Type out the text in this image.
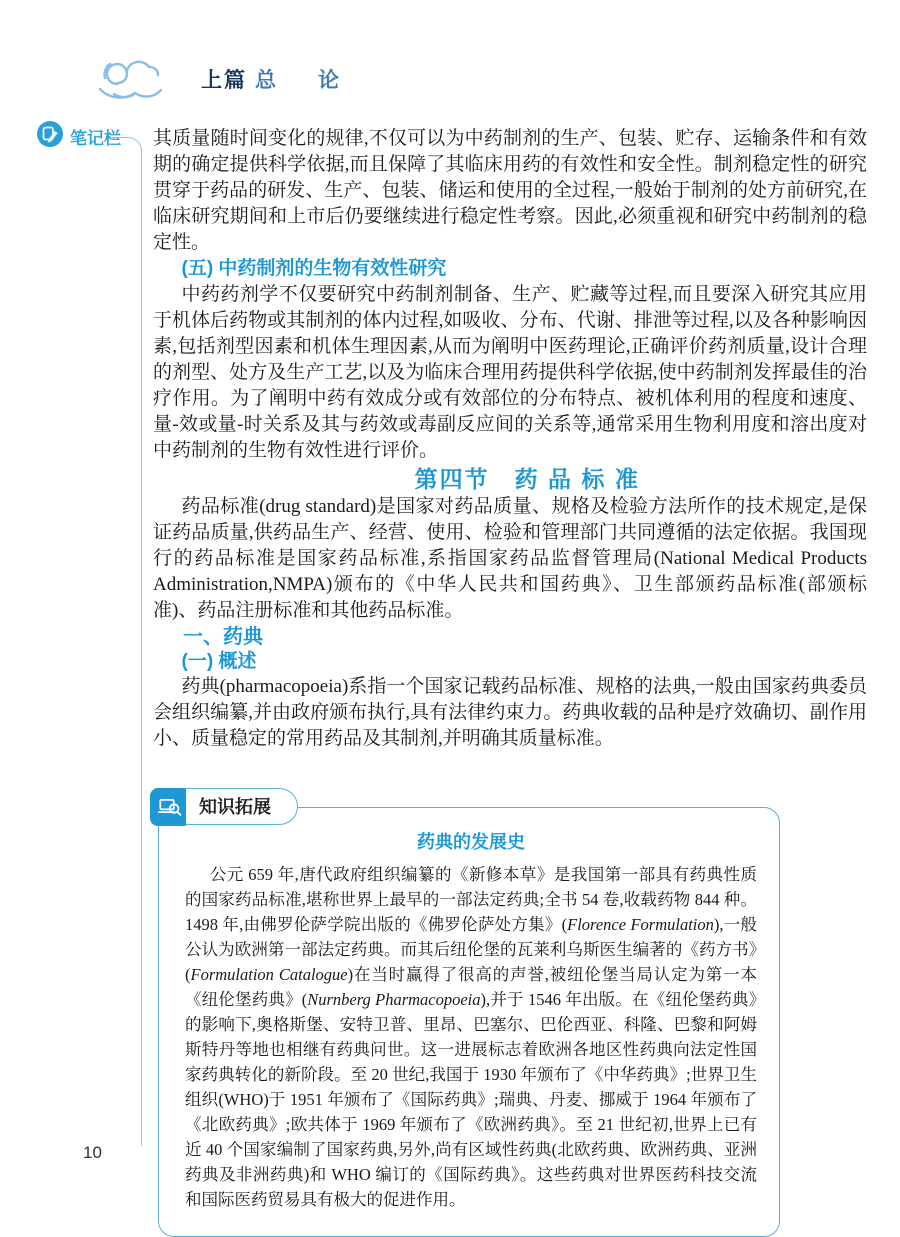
上篇 总　　论
笔记栏 其质量随时间变化的规律,不仅可以为中药制剂的生产、包装、贮存、运输条件和有效期的确定提供科学依据,而且保障了其临床用药的有效性和安全性。制剂稳定性的研究贯穿于药品的研发、生产、包装、储运和使用的全过程,一般始于制剂的处方前研究,在临床研究期间和上市后仍要继续进行稳定性考察。因此,必须重视和研究中药制剂的稳定性。

(五) 中药制剂的生物有效性研究

中药药剂学不仅要研究中药制剂制备、生产、贮藏等过程,而且要深入研究其应用于机体后药物或其制剂的体内过程,如吸收、分布、代谢、排泄等过程,以及各种影响因素,包括剂型因素和机体生理因素,从而为阐明中医药理论,正确评价药剂质量,设计合理的剂型、处方及生产工艺,以及为临床合理用药提供科学依据,使中药制剂发挥最佳的治疗作用。为了阐明中药有效成分或有效部位的分布特点、被机体利用的程度和速度、量-效或量-时关系及其与药效或毒副反应间的关系等,通常采用生物利用度和溶出度对中药制剂的生物有效性进行评价。

第四节　药 品 标 准

药品标准(drug standard)是国家对药品质量、规格及检验方法所作的技术规定,是保证药品质量,供药品生产、经营、使用、检验和管理部门共同遵循的法定依据。我国现行的药品标准是国家药品标准,系指国家药品监督管理局(National Medical Products Administration,NMPA)颁布的《中华人民共和国药典》、卫生部颁药品标准(部颁标准)、药品注册标准和其他药品标准。

一、药典

(一) 概述

药典(pharmacopoeia)系指一个国家记载药品标准、规格的法典,一般由国家药典委员会组织编纂,并由政府颁布执行,具有法律约束力。药典收载的品种是疗效确切、副作用小、质量稳定的常用药品及其制剂,并明确其质量标准。

知识拓展

药典的发展史

公元 659 年,唐代政府组织编纂的《新修本草》是我国第一部具有药典性质的国家药品标准,堪称世界上最早的一部法定药典;全书 54 卷,收载药物 844 种。1498 年,由佛罗伦萨学院出版的《佛罗伦萨处方集》(Florence Formulation),一般公认为欧洲第一部法定药典。而其后纽伦堡的瓦莱利乌斯医生编著的《药方书》(Formulation Catalogue)在当时赢得了很高的声誉,被纽伦堡当局认定为第一本《纽伦堡药典》(Nurnberg Pharmacopoeia),并于 1546 年出版。在《纽伦堡药典》的影响下,奥格斯堡、安特卫普、里昂、巴塞尔、巴伦西亚、科隆、巴黎和阿姆斯特丹等地也相继有药典问世。这一进展标志着欧洲各地区性药典向法定性国家药典转化的新阶段。至 20 世纪,我国于 1930 年颁布了《中华药典》;世界卫生组织(WHO)于 1951 年颁布了《国际药典》;瑞典、丹麦、挪威于 1964 年颁布了《北欧药典》;欧共体于 1969 年颁布了《欧洲药典》。至 21 世纪初,世界上已有近 40 个国家编制了国家药典,另外,尚有区域性药典(北欧药典、欧洲药典、亚洲药典及非洲药典)和 WHO 编订的《国际药典》。这些药典对世界医药科技交流和国际医药贸易具有极大的促进作用。

10
